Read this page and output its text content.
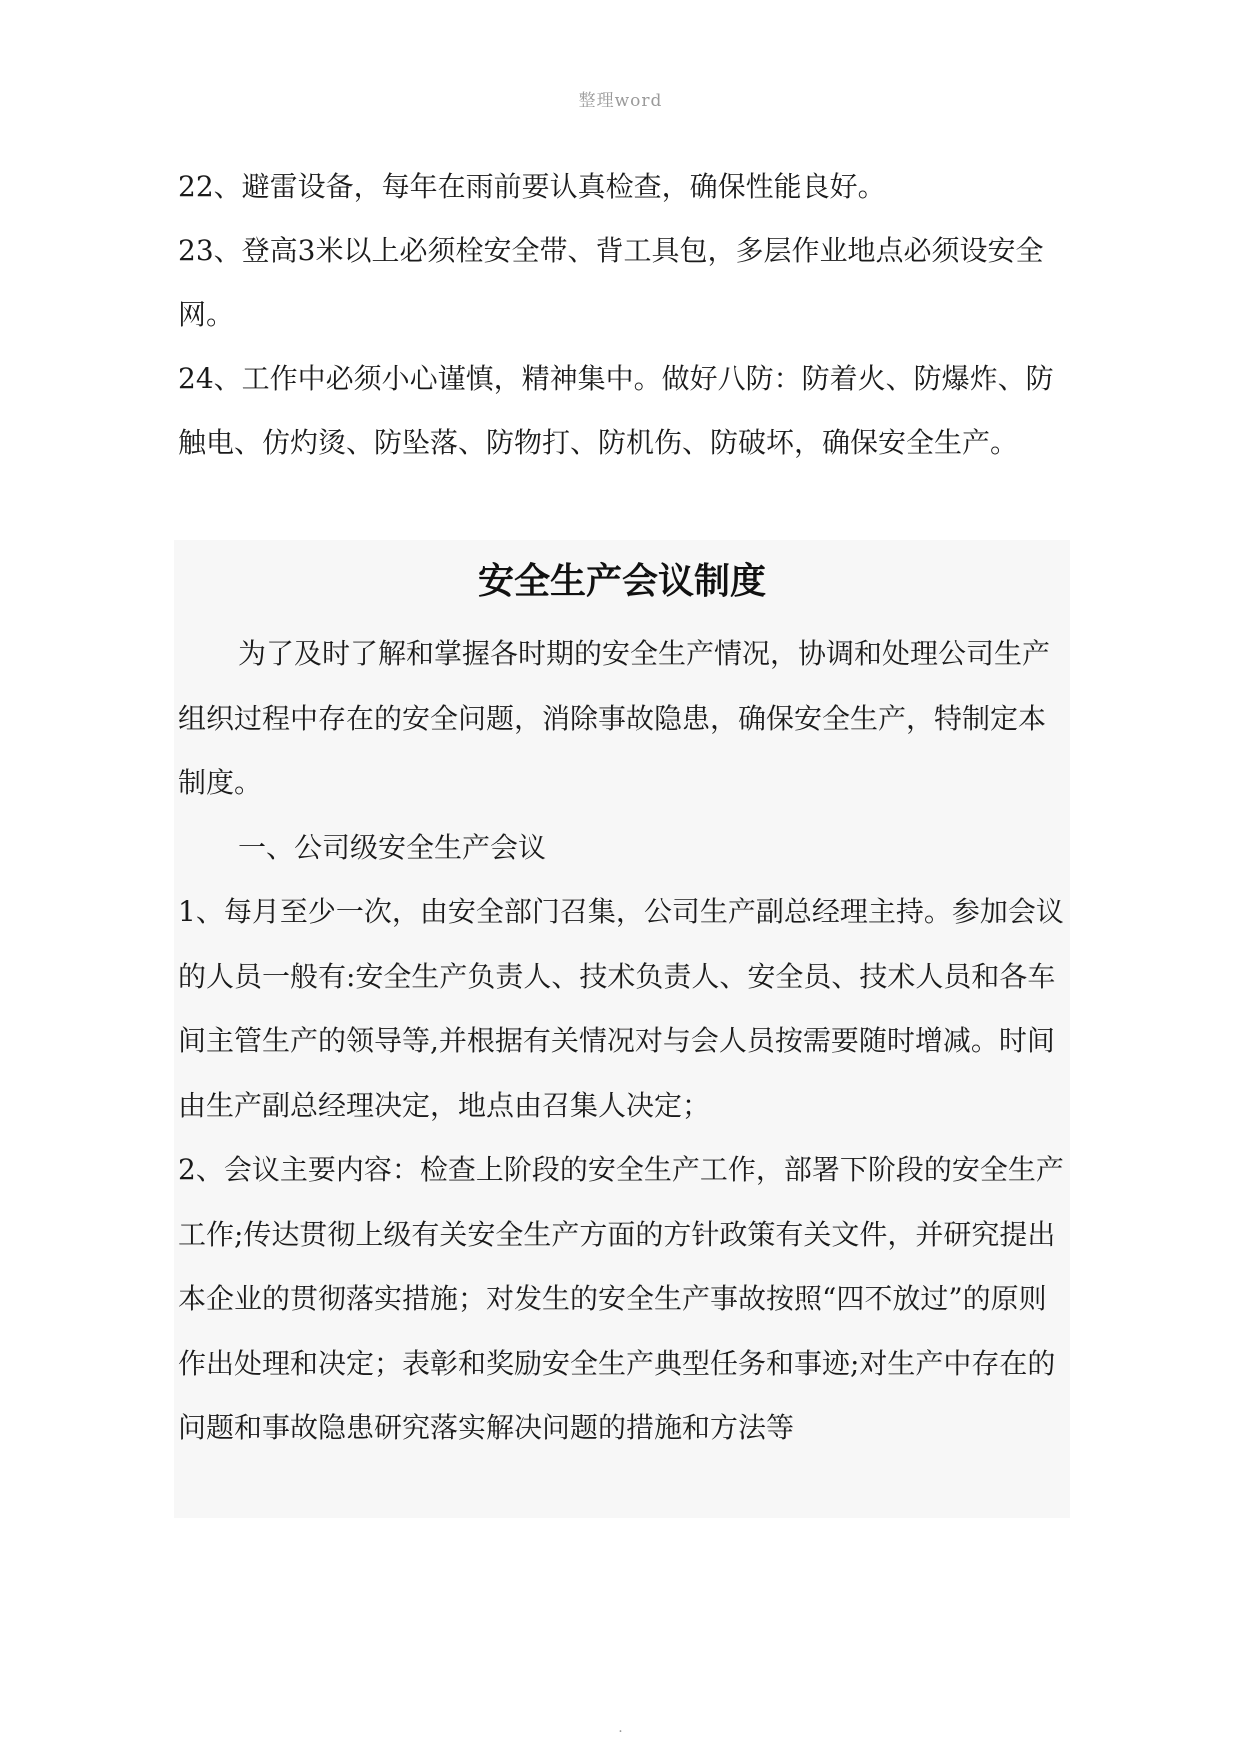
整理word

22、避雷设备，每年在雨前要认真检查，确保性能良好。

23、登高3米以上必须栓安全带、背工具包，多层作业地点必须设安全网。

24、工作中必须小心谨慎，精神集中。做好八防：防着火、防爆炸、防触电、仿灼烫、防坠落、防物打、防机伤、防破坏，确保安全生产。

安全生产会议制度

为了及时了解和掌握各时期的安全生产情况，协调和处理公司生产组织过程中存在的安全问题，消除事故隐患，确保安全生产，特制定本制度。

一、公司级安全生产会议

1、每月至少一次，由安全部门召集，公司生产副总经理主持。参加会议的人员一般有:安全生产负责人、技术负责人、安全员、技术人员和各车间主管生产的领导等,并根据有关情况对与会人员按需要随时增减。时间由生产副总经理决定，地点由召集人决定；

2、会议主要内容：检查上阶段的安全生产工作，部署下阶段的安全生产工作;传达贯彻上级有关安全生产方面的方针政策有关文件，并研究提出本企业的贯彻落实措施；对发生的安全生产事故按照“四不放过”的原则作出处理和决定；表彰和奖励安全生产典型任务和事迹;对生产中存在的问题和事故隐患研究落实解决问题的措施和方法等

.
